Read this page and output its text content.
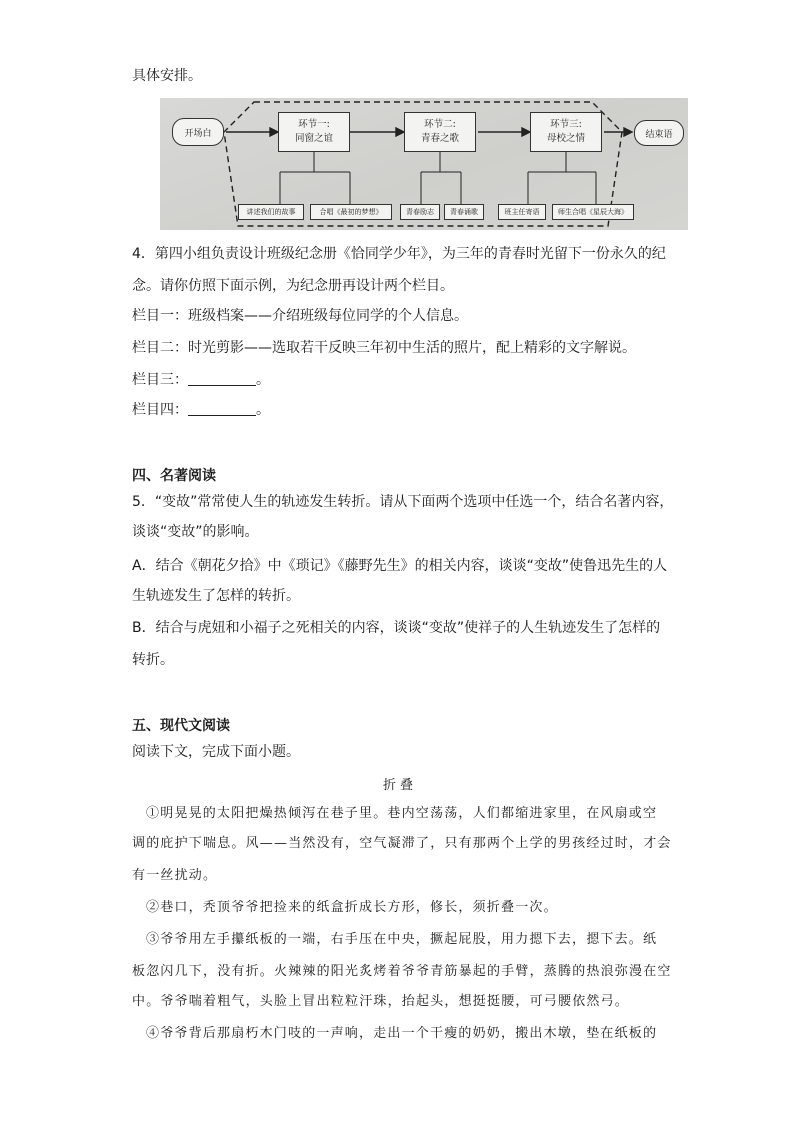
具体安排。
开场白	结束语
环节一:
同窗之谊
环节二:
青春之歌
环节三:
母校之情
讲述我们的故事	合唱《最初的梦想》	青春励志	青春诵歌	班主任寄语	师生合唱《星辰大海》
4．第四小组负责设计班级纪念册《恰同学少年》，为三年的青春时光留下一份永久的纪
念。请你仿照下面示例，为纪念册再设计两个栏目。
栏目一：班级档案——介绍班级每位同学的个人信息。
栏目二：时光剪影——选取若干反映三年初中生活的照片，配上精彩的文字解说。
栏目三：	。
栏目四：	。
四、名著阅读
5．“变故”常常使人生的轨迹发生转折。请从下面两个选项中任选一个，结合名著内容，
谈谈“变故”的影响。
A．结合《朝花夕拾》中《琐记》《藤野先生》的相关内容，谈谈“变故”使鲁迅先生的人
生轨迹发生了怎样的转折。
B．结合与虎妞和小福子之死相关的内容，谈谈“变故”使祥子的人生轨迹发生了怎样的
转折。
五、现代文阅读
阅读下文，完成下面小题。
折叠
①明晃晃的太阳把燥热倾泻在巷子里。巷内空荡荡，人们都缩进家里，在风扇或空
调的庇护下喘息。风——当然没有，空气凝滞了，只有那两个上学的男孩经过时，才会
有一丝扰动。
②巷口，秃顶爷爷把捡来的纸盒折成长方形，修长，须折叠一次。
③爷爷用左手攥纸板的一端，右手压在中央，撅起屁股，用力摁下去，摁下去。纸
板忽闪几下，没有折。火辣辣的阳光炙烤着爷爷青筋暴起的手臂，蒸腾的热浪弥漫在空
中。爷爷喘着粗气，头脸上冒出粒粒汗珠，抬起头，想挺挺腰，可弓腰依然弓。
④爷爷背后那扇朽木门吱的一声响，走出一个干瘦的奶奶，搬出木墩，垫在纸板的
